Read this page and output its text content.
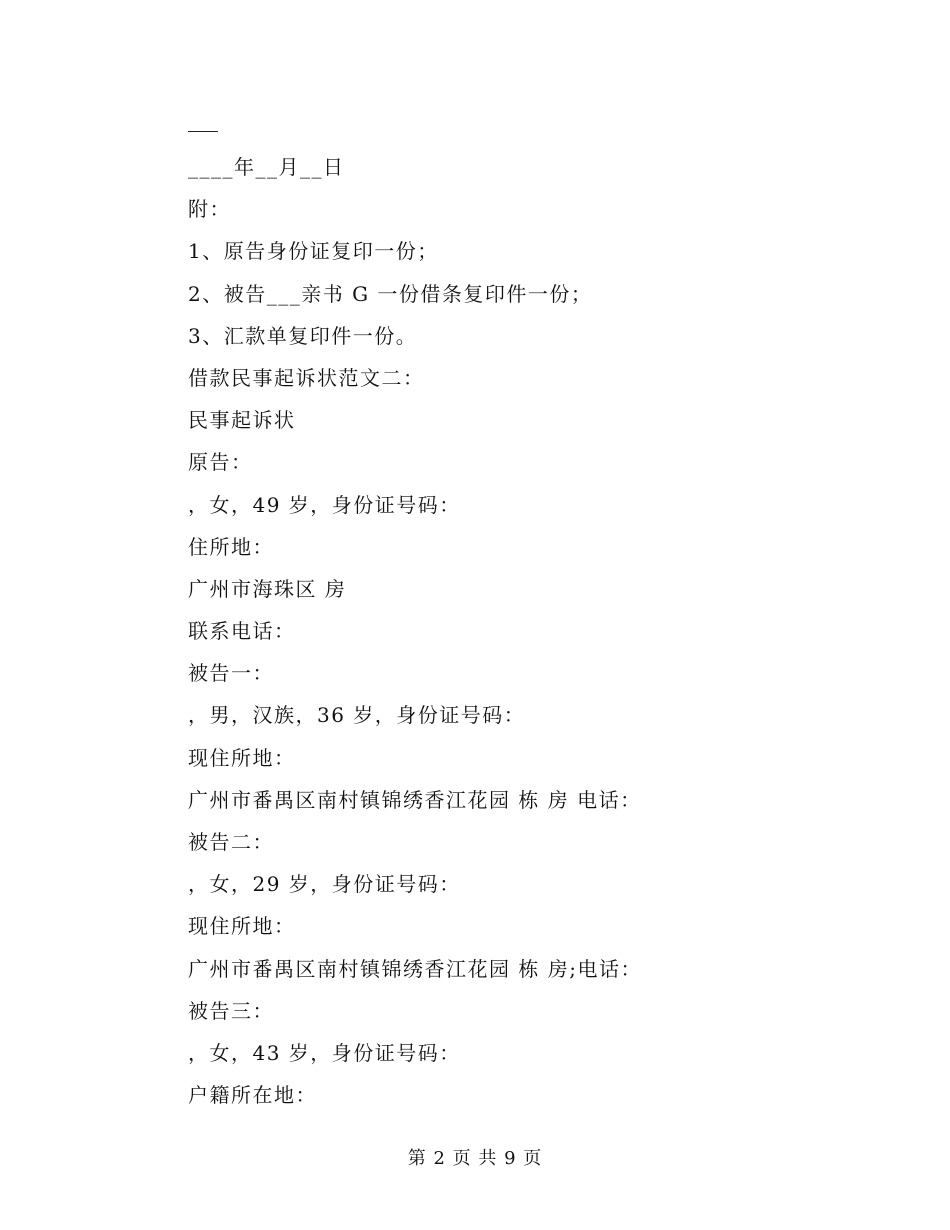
____年__月__日
附：
1、原告身份证复印一份；
2、被告___亲书 G 一份借条复印件一份；
3、汇款单复印件一份。
借款民事起诉状范文二：
民事起诉状
原告：
，女，49 岁，身份证号码：
住所地：
广州市海珠区 房
联系电话：
被告一：
，男，汉族，36 岁，身份证号码：
现住所地：
广州市番禺区南村镇锦绣香江花园 栋 房 电话：
被告二：
，女，29 岁，身份证号码：
现住所地：
广州市番禺区南村镇锦绣香江花园 栋 房;电话：
被告三：
，女，43 岁，身份证号码：
户籍所在地：
第 2 页 共 9 页
